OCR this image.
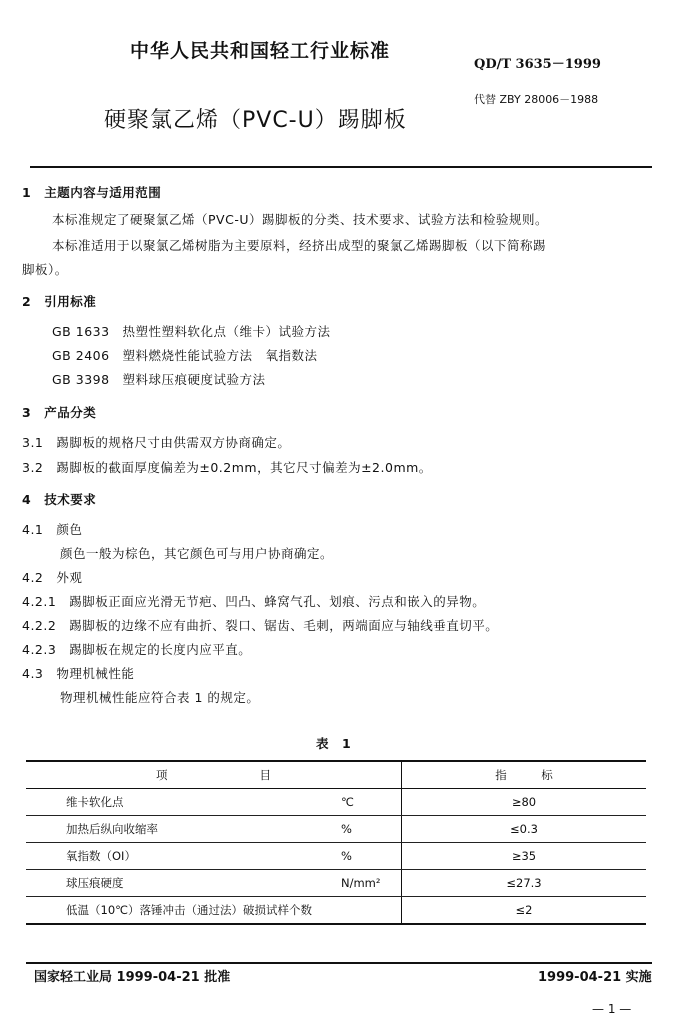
中华人民共和国轻工行业标准
QD/T 3635－1999
代替 ZBY 28006－1988
硬聚氯乙烯（PVC-U）踢脚板
1　主题内容与适用范围
本标准规定了硬聚氯乙烯（PVC-U）踢脚板的分类、技术要求、试验方法和检验规则。
本标准适用于以聚氯乙烯树脂为主要原料，经挤出成型的聚氯乙烯踢脚板（以下简称踢
脚板）。
2　引用标准
GB 1633　热塑性塑料软化点（维卡）试验方法
GB 2406　塑料燃烧性能试验方法　氧指数法
GB 3398　塑料球压痕硬度试验方法
3　产品分类
3.1　踢脚板的规格尺寸由供需双方协商确定。
3.2　踢脚板的截面厚度偏差为±0.2mm，其它尺寸偏差为±2.0mm。
4　技术要求
4.1　颜色
颜色一般为棕色，其它颜色可与用户协商确定。
4.2　外观
4.2.1　踢脚板正面应光滑无节疤、凹凸、蜂窝气孔、划痕、污点和嵌入的异物。
4.2.2　踢脚板的边缘不应有曲折、裂口、锯齿、毛刺，两端面应与轴线垂直切平。
4.2.3　踢脚板在规定的长度内应平直。
4.3　物理机械性能
物理机械性能应符合表 1 的规定。
表　1
项　　　　　　　　目		指　　　标
维卡软化点	℃	≥80
加热后纵向收缩率	%	≤0.3
氧指数（OI）	%	≥35
球压痕硬度	N/mm²	≤27.3
低温（10℃）落锤冲击（通过法）破损试样个数		≤2
国家轻工业局 1999-04-21 批准	1999-04-21 实施
— 1 —
